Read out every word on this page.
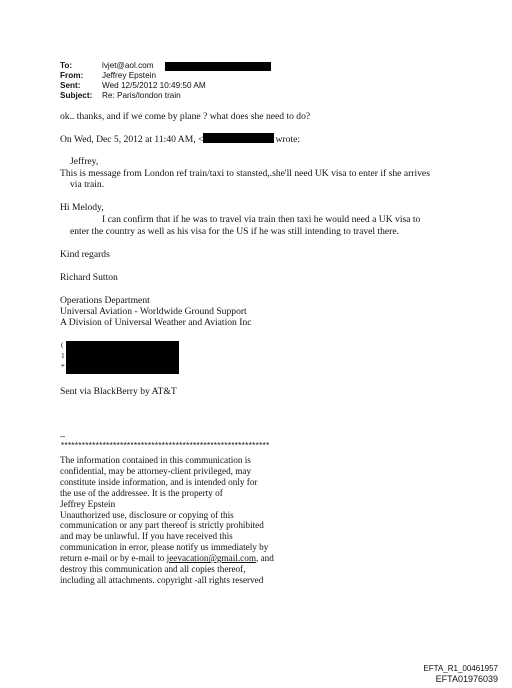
To:	lvjet@aol.com
From: Jeffrey Epstein
Sent:	Wed 12/5/2012 10:49:50 AM
Subject: Re: Paris/london train
ok.. thanks, and if we come by plane ? what does she need to do?
On Wed, Dec 5, 2012 at 11:40 AM, <	wrote:
Jeffrey,
This is message from London ref train/taxi to stansted,.she'll need UK visa to enter if she arrives
via train.
Hi Melody,
I can confirm that if he was to travel via train then taxi he would need a UK visa to
enter the country as well as his visa for the US if he was still intending to travel there.
Kind regards
Richard Sutton
Operations Department
Universal Aviation - Worldwide Ground Support
A Division of Universal Weather and Aviation Inc
(
1
*
Sent via BlackBerry by AT&T
--
************************************************************
The information contained in this communication is
confidential, may be attorney-client privileged, may
constitute inside information, and is intended only for
the use of the addressee. It is the property of
Jeffrey Epstein
Unauthorized use, disclosure or copying of this
communication or any part thereof is strictly prohibited
and may be unlawful. If you have received this
communication in error, please notify us immediately by
return e-mail or by e-mail to jeevacation@gmail.com, and
destroy this communication and all copies thereof,
including all attachments. copyright -all rights reserved
EFTA_R1_00461957
EFTA01976039
